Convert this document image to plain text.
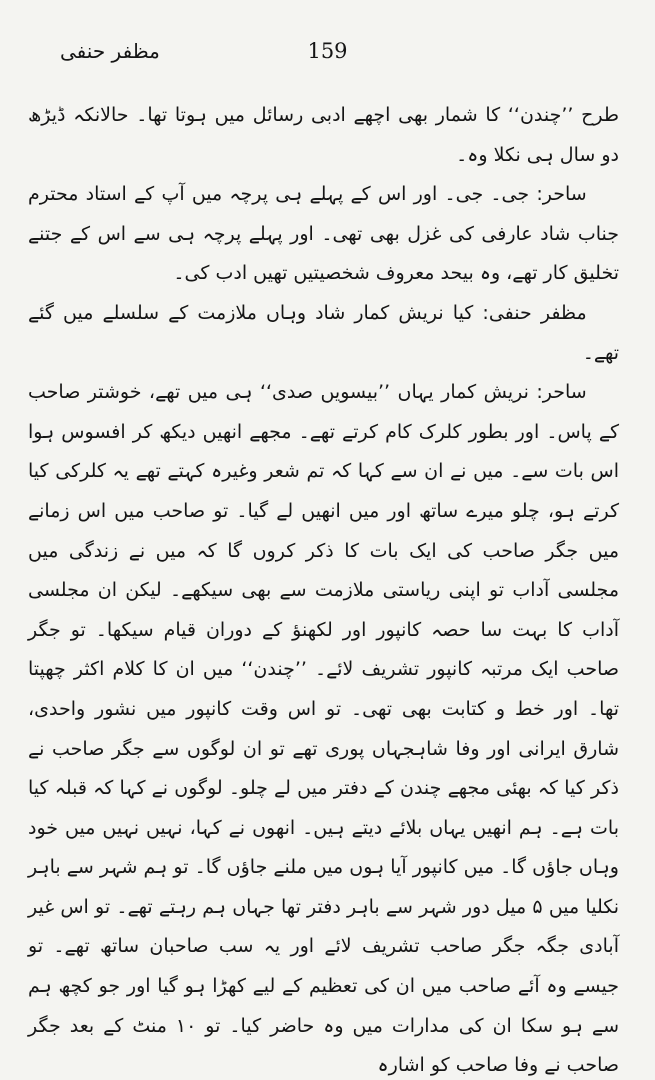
مظفر حنفی	159

طرح ’’چندن‘‘ کا شمار بھی اچھے ادبی رسائل میں ہوتا تھا۔ حالانکہ ڈیڑھ دو سال ہی نکلا وہ۔

ساحر: جی۔ جی۔ اور اس کے پہلے ہی پرچہ میں آپ کے استاد محترم جناب شاد عارفی کی غزل بھی تھی۔ اور پہلے پرچہ ہی سے اس کے جتنے تخلیق کار تھے، وہ بیحد معروف شخصیتیں تھیں ادب کی۔

مظفر حنفی: کیا نریش کمار شاد وہاں ملازمت کے سلسلے میں گئے تھے۔

ساحر: نریش کمار یہاں ’’بیسویں صدی‘‘ ہی میں تھے، خوشتر صاحب کے پاس۔ اور بطور کلرک کام کرتے تھے۔ مجھے انھیں دیکھ کر افسوس ہوا اس بات سے۔ میں نے ان سے کہا کہ تم شعر وغیرہ کہتے تھے یہ کلرکی کیا کرتے ہو، چلو میرے ساتھ اور میں انھیں لے گیا۔ تو صاحب میں اس زمانے میں جگر صاحب کی ایک بات کا ذکر کروں گا کہ میں نے زندگی میں مجلسی آداب تو اپنی ریاستی ملازمت سے بھی سیکھے۔ لیکن ان مجلسی آداب کا بہت سا حصہ کانپور اور لکھنؤ کے دوران قیام سیکھا۔ تو جگر صاحب ایک مرتبہ کانپور تشریف لائے۔ ’’چندن‘‘ میں ان کا کلام اکثر چھپتا تھا۔ اور خط و کتابت بھی تھی۔ تو اس وقت کانپور میں نشور واحدی، شارق ایرانی اور وفا شاہجہاں پوری تھے تو ان لوگوں سے جگر صاحب نے ذکر کیا کہ بھئی مجھے چندن کے دفتر میں لے چلو۔ لوگوں نے کہا کہ قبلہ کیا بات ہے۔ ہم انھیں یہاں بلائے دیتے ہیں۔ انھوں نے کہا، نہیں نہیں میں خود وہاں جاؤں گا۔ میں کانپور آیا ہوں میں ملنے جاؤں گا۔ تو ہم شہر سے باہر نکلیا میں ۵ میل دور شہر سے باہر دفتر تھا جہاں ہم رہتے تھے۔ تو اس غیر آبادی جگہ جگر صاحب تشریف لائے اور یہ سب صاحبان ساتھ تھے۔ تو جیسے وہ آئے صاحب میں ان کی تعظیم کے لیے کھڑا ہو گیا اور جو کچھ ہم سے ہو سکا ان کی مدارات میں وہ حاضر کیا۔ تو ۱۰ منٹ کے بعد جگر صاحب نے وفا صاحب کو اشارہ
